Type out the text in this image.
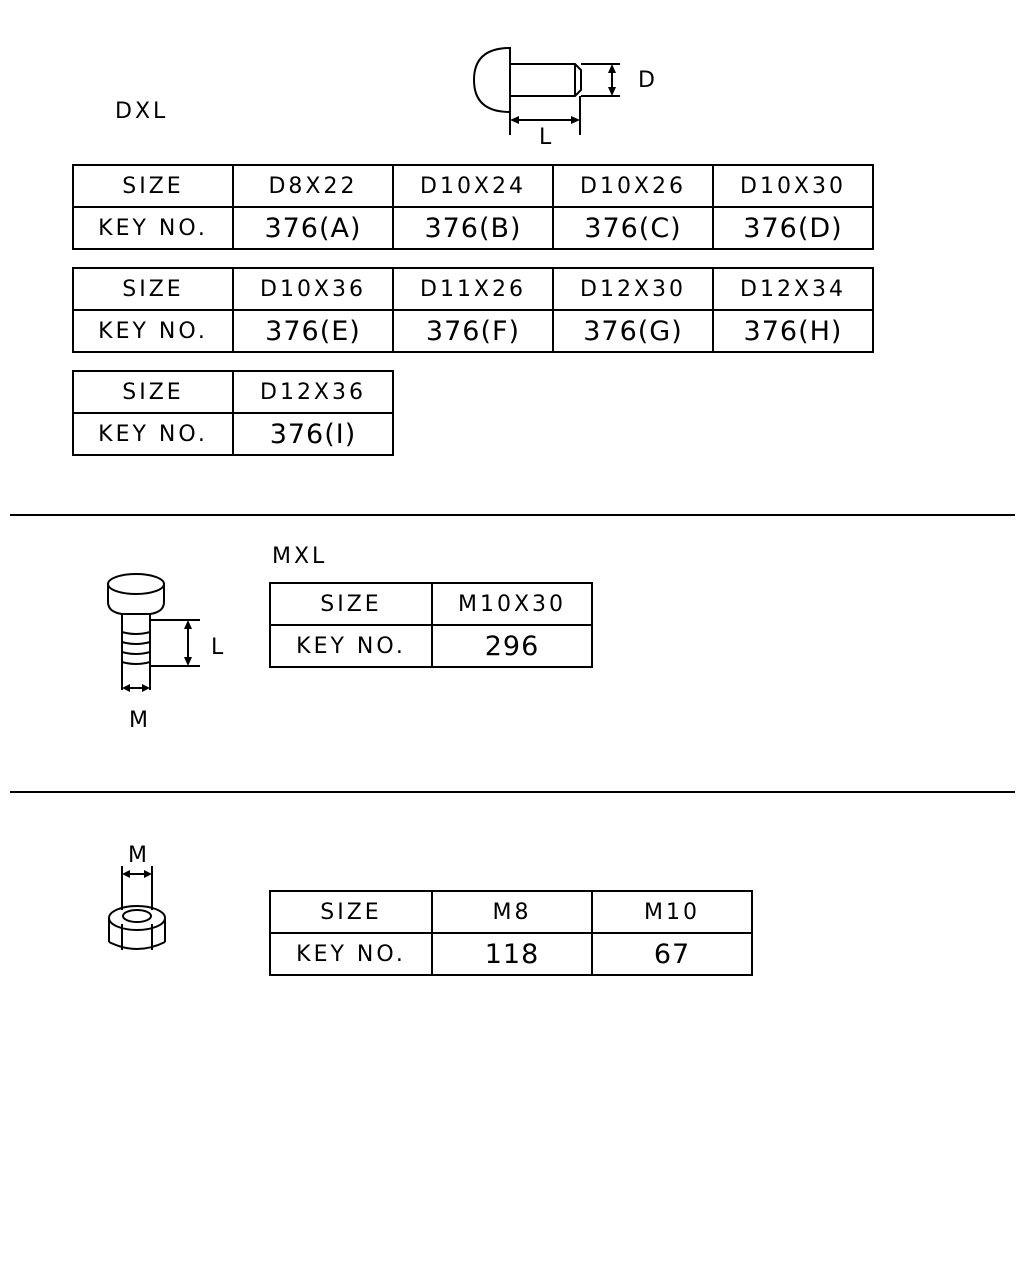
DXL
D
L
SIZE	D8X22	D10X24	D10X26	D10X30
KEY NO.	376(A)	376(B)	376(C)	376(D)
SIZE	D10X36	D11X26	D12X30	D12X34
KEY NO.	376(E)	376(F)	376(G)	376(H)
SIZE	D12X36
KEY NO.	376(I)
MXL
L
M
SIZE	M10X30
KEY NO.	296
M
SIZE	M8	M10
KEY NO.	118	67
